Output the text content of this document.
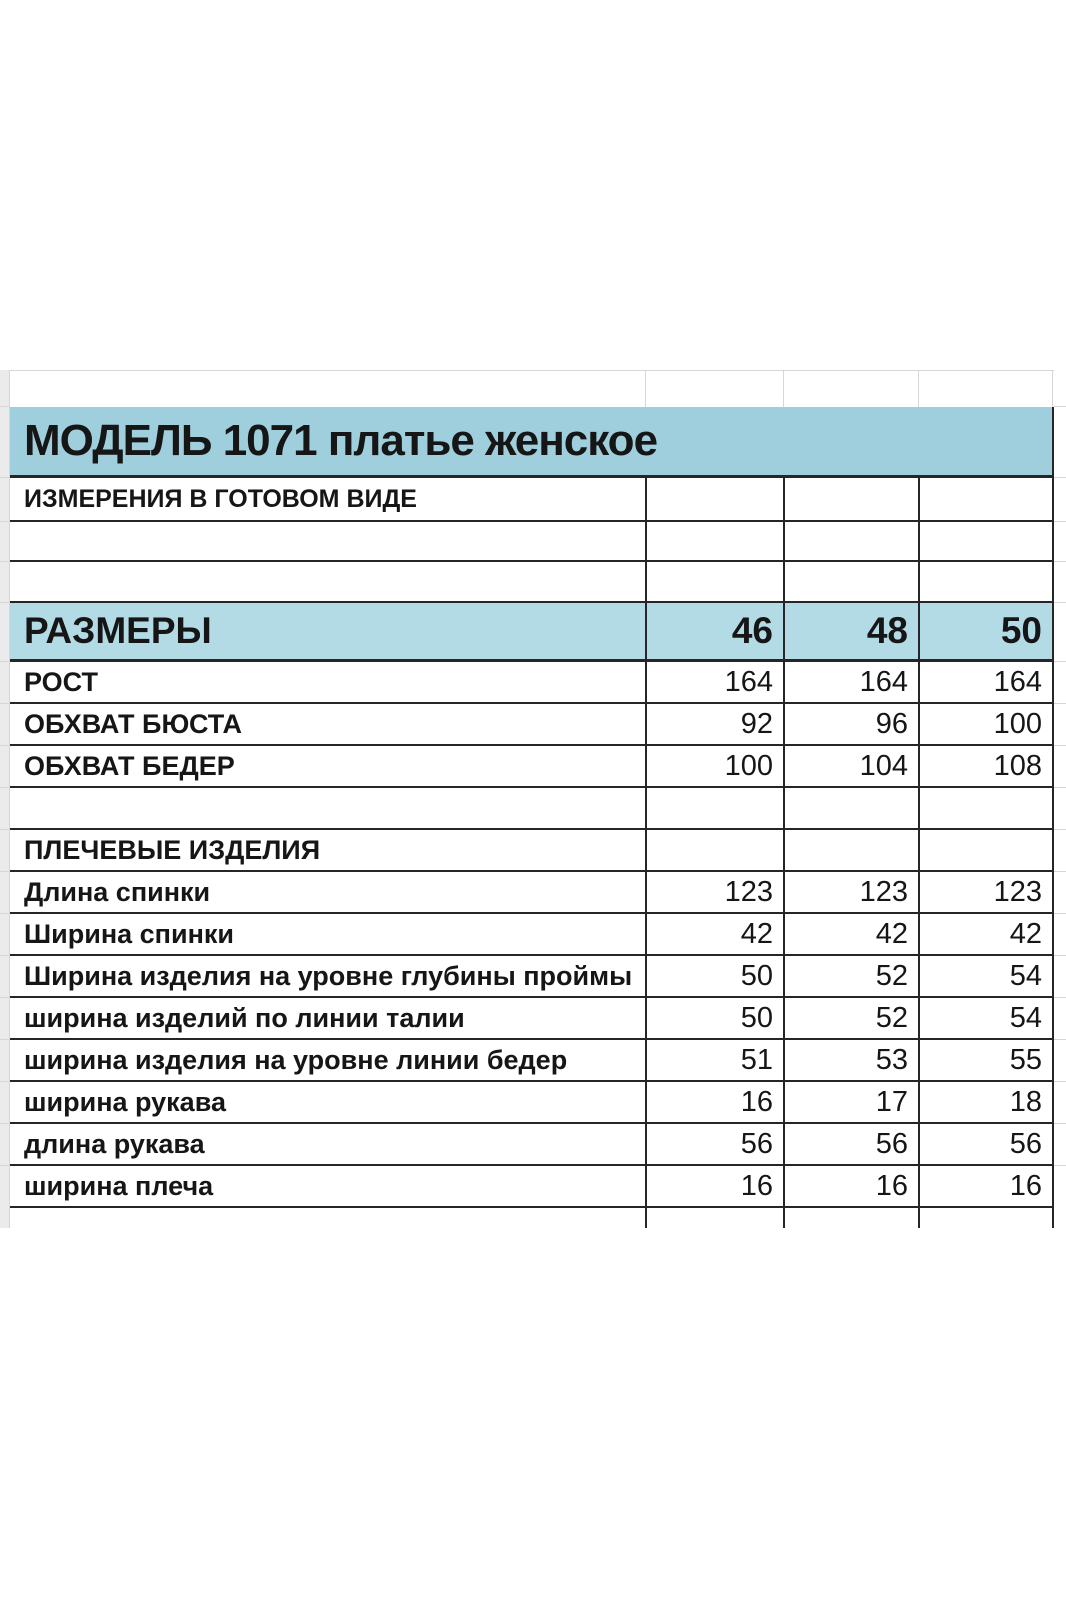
МОДЕЛЬ 1071 платье женское
ИЗМЕРЕНИЯ В ГОТОВОМ ВИДЕ
РАЗМЕРЫ	46	48	50
РОСТ	164	164	164
ОБХВАТ БЮСТА	92	96	100
ОБХВАТ БЕДЕР	100	104	108
ПЛЕЧЕВЫЕ ИЗДЕЛИЯ
Длина спинки	123	123	123
Ширина спинки	42	42	42
Ширина изделия на уровне глубины проймы	50	52	54
ширина изделий по линии талии	50	52	54
ширина изделия на уровне линии бедер	51	53	55
ширина рукава	16	17	18
длина рукава	56	56	56
ширина плеча	16	16	16
